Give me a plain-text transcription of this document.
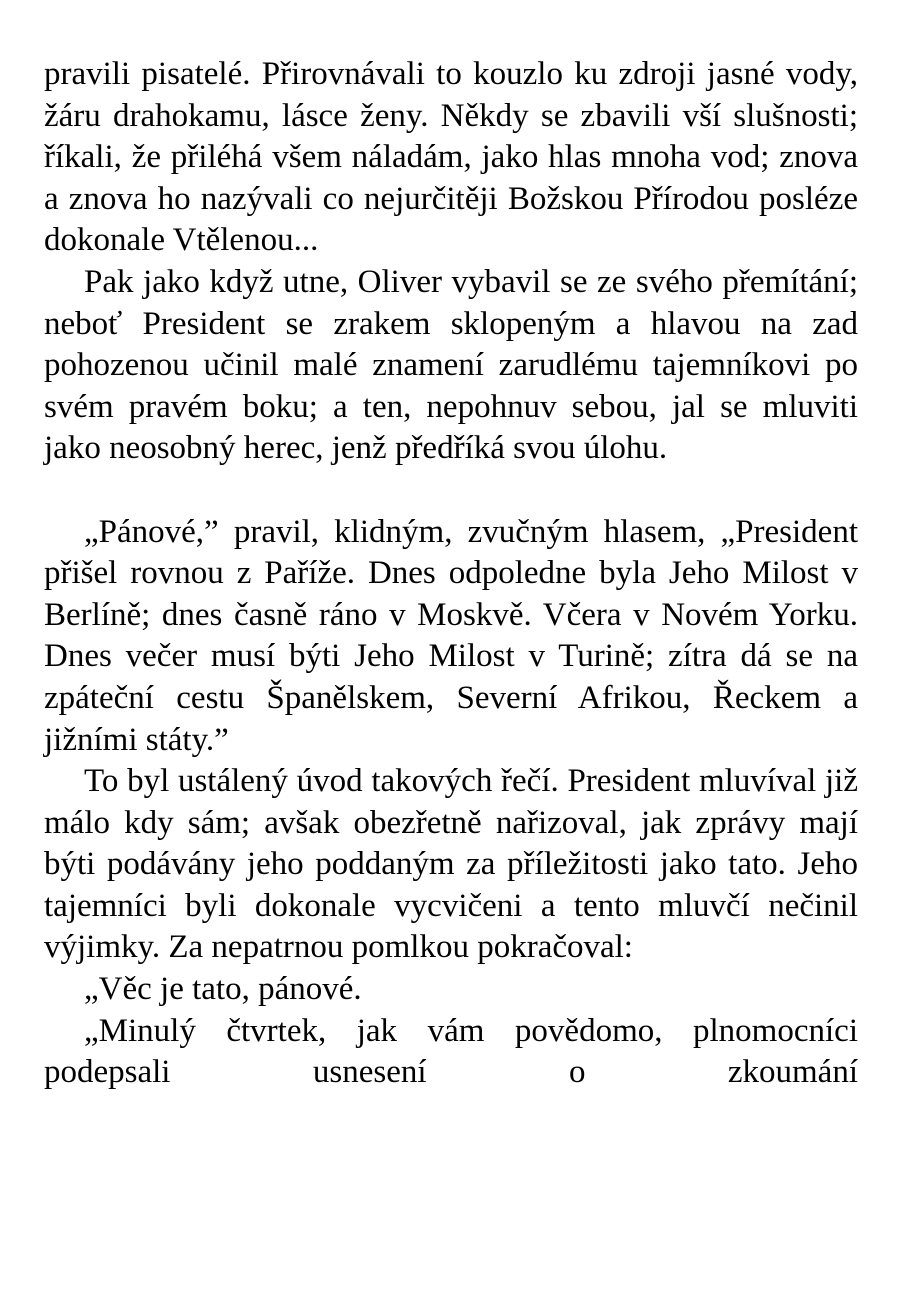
pravili pisatelé. Přirovnávali to kouzlo ku zdroji jasné vody, žáru drahokamu, lásce ženy. Někdy se zbavili vší slušnosti; říkali, že přiléhá všem náladám, jako hlas mnoha vod; znova a znova ho nazývali co nejurčitěji Božskou Přírodou posléze dokonale Vtělenou...

Pak jako když utne, Oliver vybavil se ze svého přemítání; neboť President se zrakem sklopeným a hlavou na zad pohozenou učinil malé znamení zarudlému tajemníkovi po svém pravém boku; a ten, nepohnuv sebou, jal se mluviti jako neosobný herec, jenž předříká svou úlohu.

„Pánové,” pravil, klidným, zvučným hlasem, „President přišel rovnou z Paříže. Dnes odpoledne byla Jeho Milost v Berlíně; dnes časně ráno v Moskvě. Včera v Novém Yorku. Dnes večer musí býti Jeho Milost v Turině; zítra dá se na zpáteční cestu Španělskem, Severní Afrikou, Řeckem a jižními státy.”

To byl ustálený úvod takových řečí. President mluvíval již málo kdy sám; avšak obezřetně nařizoval, jak zprávy mají býti podávány jeho poddaným za příležitosti jako tato. Jeho tajemníci byli dokonale vycvičeni a tento mluvčí nečinil výjimky. Za nepatrnou pomlkou pokračoval:

„Věc je tato, pánové.

„Minulý čtvrtek, jak vám povědomo, plnomocníci podepsali usnesení o zkoumání
